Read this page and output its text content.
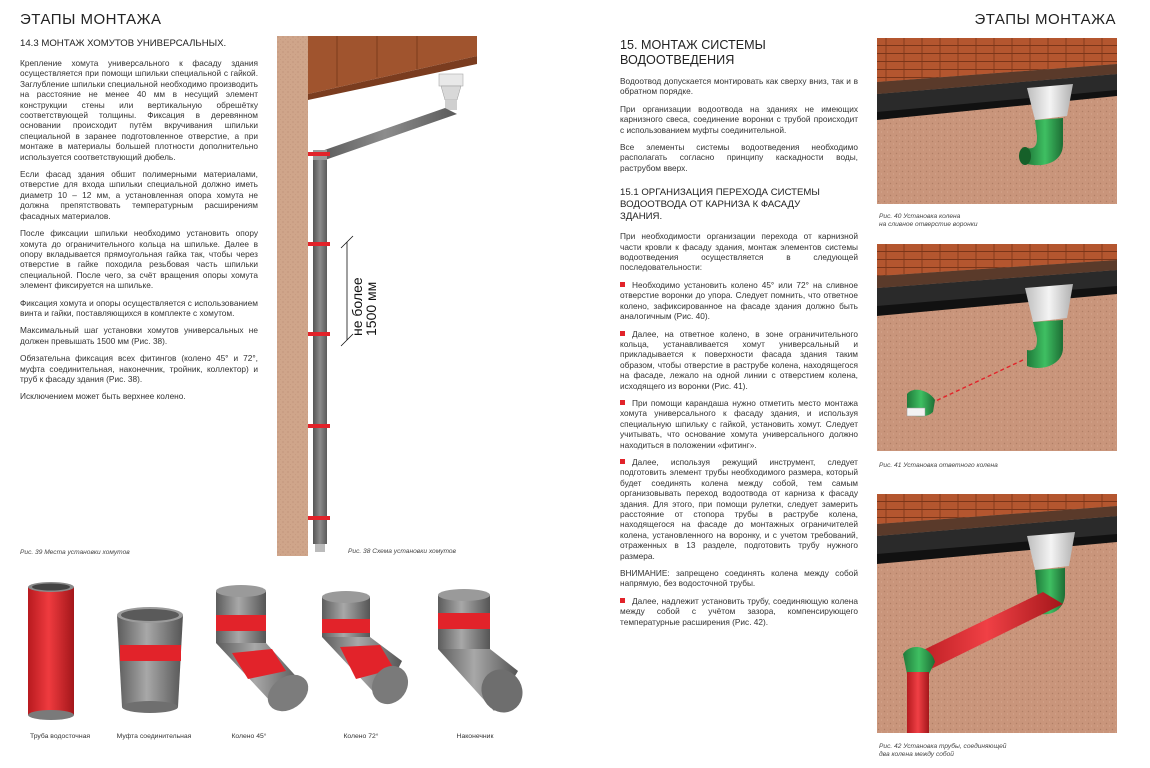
ЭТАПЫ МОНТАЖА	ЭТАПЫ МОНТАЖА
14.3 МОНТАЖ ХОМУТОВ УНИВЕРСАЛЬНЫХ.

Крепление хомута универсального к фасаду здания осуществляется при помощи шпильки специальной с гайкой. Заглубление шпильки специальной необходимо производить на расстояние не менее 40 мм в несущий элемент конструкции стены или вертикальную обрешётку соответствующей толщины. Фиксация в деревянном основании происходит путём вкручивания шпильки специальной в заранее подготовленное отверстие, а при монтаже в материалы большей плотности дополнительно используется соответствующий дюбель.

Если фасад здания обшит полимерными материалами, отверстие для входа шпильки специальной должно иметь диаметр 10 – 12 мм, а установленная опора хомута не должна препятствовать температурным расширениям фасадных материалов.

После фиксации шпильки необходимо установить опору хомута до ограничительного кольца на шпильке. Далее в опору вкладывается прямоугольная гайка так, чтобы через отверстие в гайке походила резьбовая часть шпильки специальной. После чего, за счёт вращения опоры хомута элемент фиксируется на шпильке.

Фиксация хомута и опоры осуществляется с использованием винта и гайки, поставляющихся в комплекте с хомутом.

Максимальный шаг установки хомутов универсальных не должен превышать 1500 мм (Рис. 38).

Обязательна фиксация всех фитингов (колено 45° и 72°, муфта соединительная, наконечник, тройник, коллектор) и труб к фасаду здания (Рис. 38).

Исключением может быть верхнее колено.

Рис. 39 Места установки хомутов
не более
1500 мм
Рис. 38 Схема установки хомутов
Труба водосточная	Муфта соединительная	Колено 45°	Колено 72°	Наконечник
15. МОНТАЖ СИСТЕМЫ ВОДООТВЕДЕНИЯ

Водоотвод допускается монтировать как сверху вниз, так и в обратном порядке.

При организации водоотвода на зданиях не имеющих карнизного свеса, соединение воронки с трубой происходит с использованием муфты соединительной.

Все элементы системы водоотведения необходимо располагать согласно принципу каскадности воды, раструбом вверх.

15.1 ОРГАНИЗАЦИЯ ПЕРЕХОДА СИСТЕМЫ ВОДООТВОДА ОТ КАРНИЗА К ФАСАДУ ЗДАНИЯ.

При необходимости организации перехода от карнизной части кровли к фасаду здания, монтаж элементов системы водоотведения осуществляется в следующей последовательности:

Необходимо установить колено 45° или 72° на сливное отверстие воронки до упора. Следует помнить, что ответное колено, зафиксированное на фасаде здания должно быть аналогичным (Рис. 40).

Далее, на ответное колено, в зоне ограничительного кольца, устанавливается хомут универсальный и прикладывается к поверхности фасада здания таким образом, чтобы отверстие в раструбе колена, находящегося на фасаде, лежало на одной линии с отверстием колена, исходящего из воронки (Рис. 41).

При помощи карандаша нужно отметить место монтажа хомута универсального к фасаду здания, и используя специальную шпильку с гайкой, установить хомут. Следует учитывать, что основание хомута универсального должно находиться в положении «фитинг».

Далее, используя режущий инструмент, следует подготовить элемент трубы необходимого размера, который будет соединять колена между собой, тем самым организовывать переход водоотвода от карниза к фасаду здания. Для этого, при помощи рулетки, следует замерить расстояние от стопора трубы в раструбе колена, находящегося на фасаде до монтажных ограничителей колена, установленного на воронку, и с учетом требований, отраженных в 13 разделе, подготовить трубу нужного размера.

ВНИМАНИЕ: запрещено соединять колена между собой напрямую, без водосточной трубы.

Далее, надлежит установить трубу, соединяющую колена между собой с учётом зазора, компенсирующего температурные расширения (Рис. 42).

Рис. 40 Установка колена
на сливное отверстие воронки
Рис. 41 Установка ответного колена
Рис. 42 Установка трубы, соединяющей
два колена между собой
